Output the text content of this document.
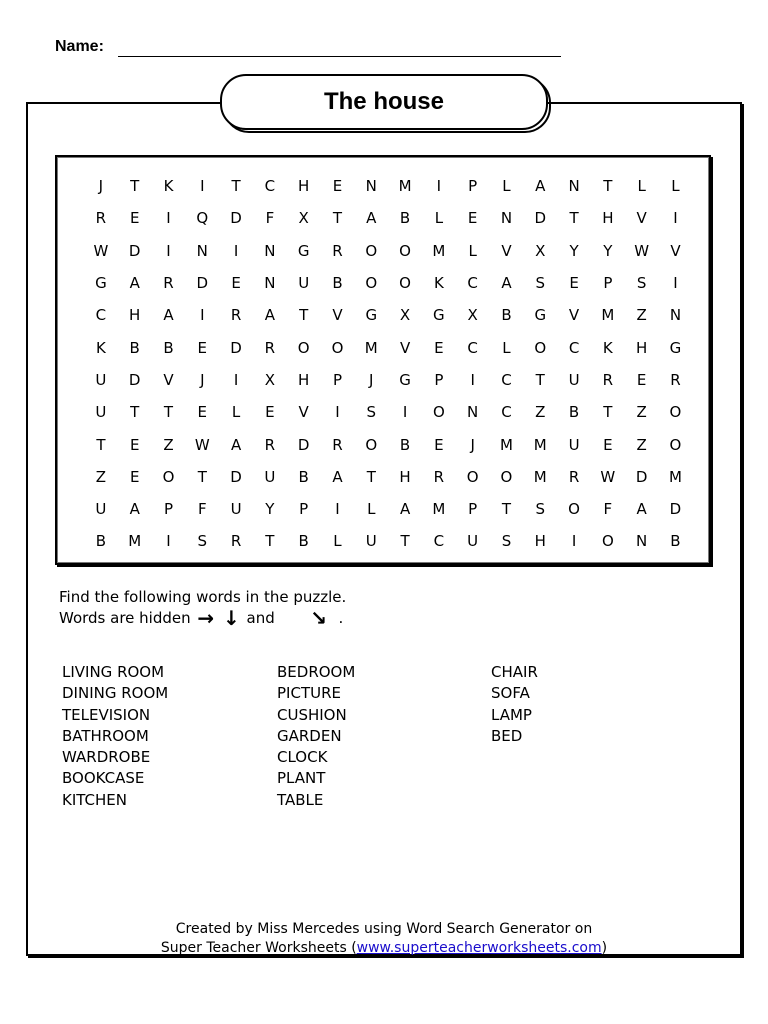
Name:
The house
J	T	K	I	T	C	H	E	N	M	I	P	L	A	N	T	L	L
R	E	I	Q	D	F	X	T	A	B	L	E	N	D	T	H	V	I
W	D	I	N	I	N	G	R	O	O	M	L	V	X	Y	Y	W	V
G	A	R	D	E	N	U	B	O	O	K	C	A	S	E	P	S	I
C	H	A	I	R	A	T	V	G	X	G	X	B	G	V	M	Z	N
K	B	B	E	D	R	O	O	M	V	E	C	L	O	C	K	H	G
U	D	V	J	I	X	H	P	J	G	P	I	C	T	U	R	E	R
U	T	T	E	L	E	V	I	S	I	O	N	C	Z	B	T	Z	O
T	E	Z	W	A	R	D	R	O	B	E	J	M	M	U	E	Z	O
Z	E	O	T	D	U	B	A	T	H	R	O	O	M	R	W	D	M
U	A	P	F	U	Y	P	I	L	A	M	P	T	S	O	F	A	D
B	M	I	S	R	T	B	L	U	T	C	U	S	H	I	O	N	B
Find the following words in the puzzle.
Words are hidden → ↓ and ↘ .
LIVING ROOM
DINING ROOM
TELEVISION
BATHROOM
WARDROBE
BOOKCASE
KITCHEN
BEDROOM
PICTURE
CUSHION
GARDEN
CLOCK
PLANT
TABLE
CHAIR
SOFA
LAMP
BED
Created by Miss Mercedes using Word Search Generator on
Super Teacher Worksheets (www.superteacherworksheets.com)
